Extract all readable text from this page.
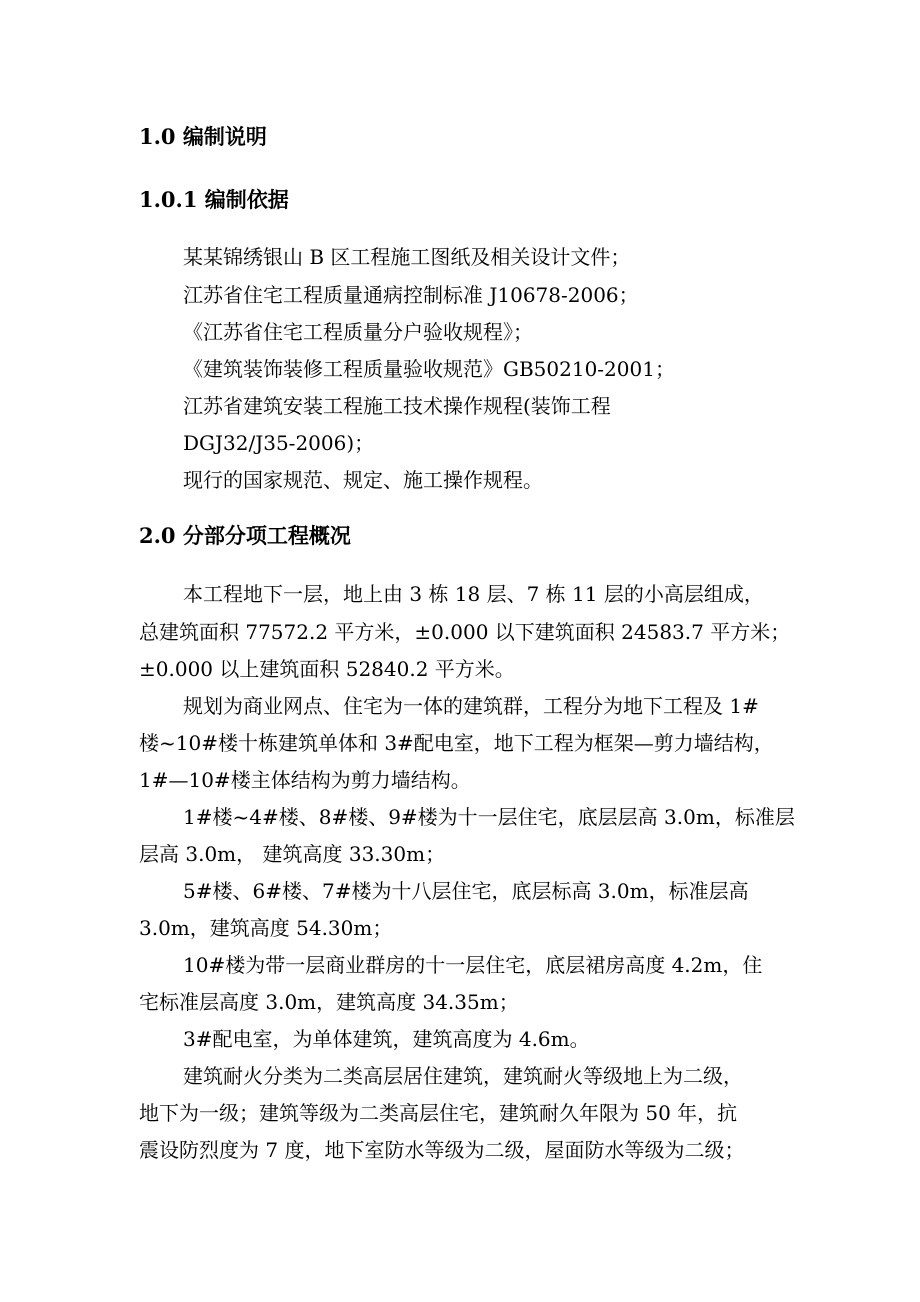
1.0 编制说明
1.0.1 编制依据
某某锦绣银山 B 区工程施工图纸及相关设计文件；
江苏省住宅工程质量通病控制标准 J10678-2006；
《江苏省住宅工程质量分户验收规程》；
《建筑装饰装修工程质量验收规范》GB50210-2001；
江苏省建筑安装工程施工技术操作规程(装饰工程
DGJ32/J35-2006)；
现行的国家规范、规定、施工操作规程。
2.0 分部分项工程概况
本工程地下一层，地上由 3 栋 18 层、7 栋 11 层的小高层组成，
总建筑面积 77572.2 平方米，±0.000 以下建筑面积 24583.7 平方米；
±0.000 以上建筑面积 52840.2 平方米。
规划为商业网点、住宅为一体的建筑群，工程分为地下工程及 1#
楼~10#楼十栋建筑单体和 3#配电室，地下工程为框架—剪力墙结构，
1#—10#楼主体结构为剪力墙结构。
1#楼~4#楼、8#楼、9#楼为十一层住宅，底层层高 3.0m，标准层
层高 3.0m， 建筑高度 33.30m；
5#楼、6#楼、7#楼为十八层住宅，底层标高 3.0m，标准层高
3.0m，建筑高度 54.30m；
10#楼为带一层商业群房的十一层住宅，底层裙房高度 4.2m，住
宅标准层高度 3.0m，建筑高度 34.35m；
3#配电室，为单体建筑，建筑高度为 4.6m。
建筑耐火分类为二类高层居住建筑，建筑耐火等级地上为二级，
地下为一级；建筑等级为二类高层住宅，建筑耐久年限为 50 年，抗
震设防烈度为 7 度，地下室防水等级为二级，屋面防水等级为二级；
